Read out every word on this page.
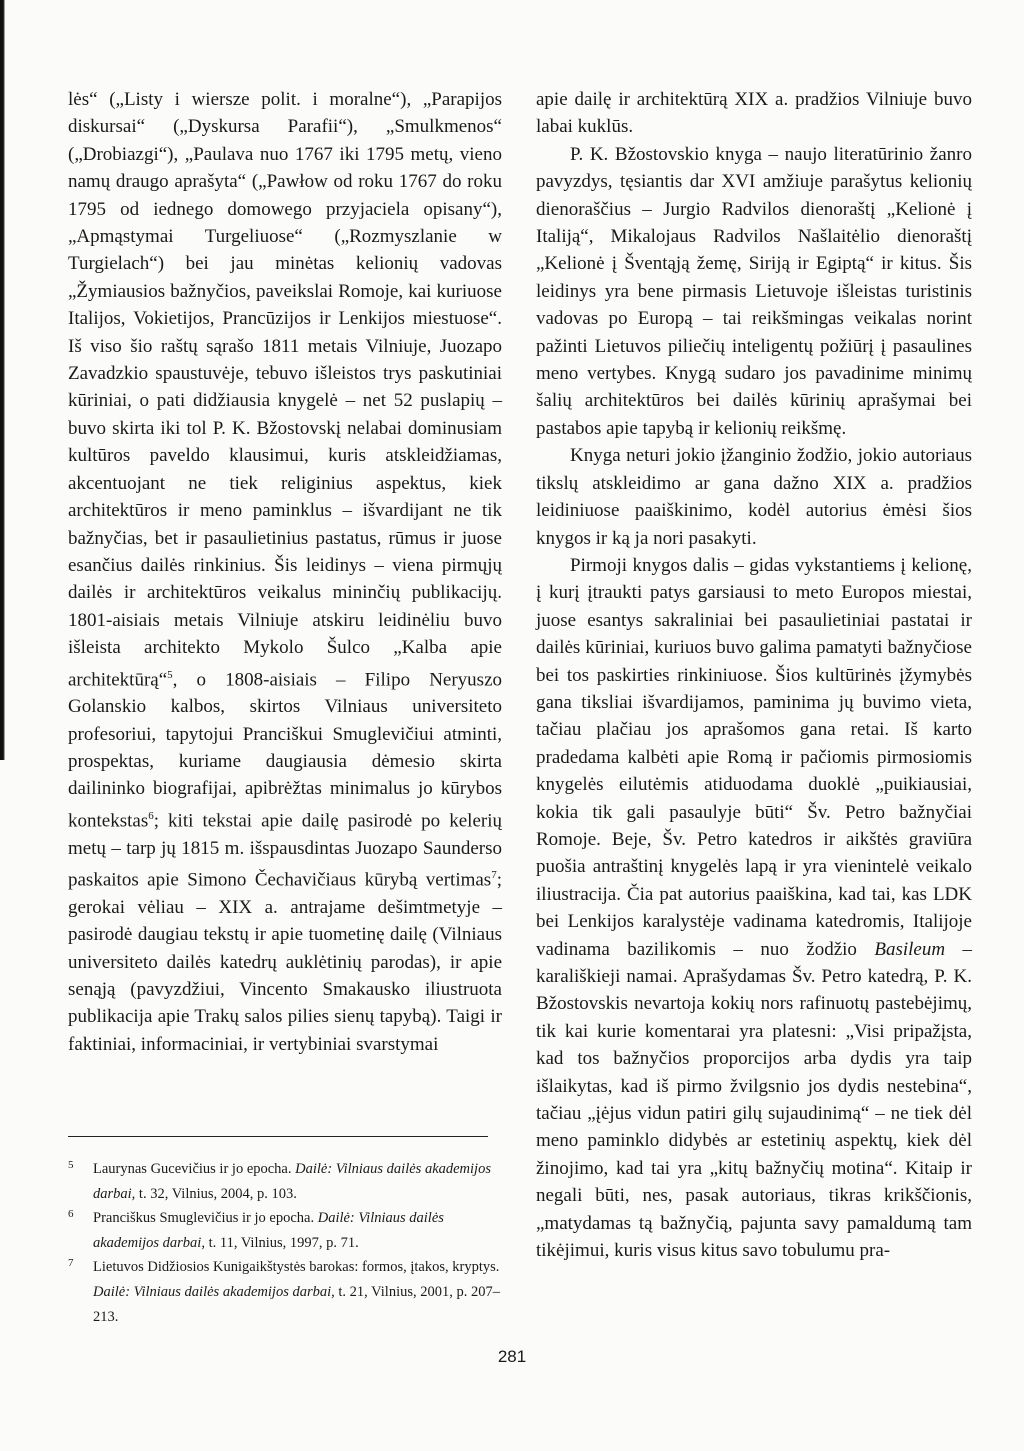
lės“ („Listy i wiersze polit. i moralne“), „Parapijos diskursai“ („Dyskursa Parafii“), „Smulkmenos“ („Drobiazgi“), „Paulava nuo 1767 iki 1795 metų, vieno namų draugo aprašyta“ („Pawłow od roku 1767 do roku 1795 od iednego domowego przyjaciela opisany“), „Apmąstymai Turgeliuose“ („Rozmyszlanie w Turgielach“) bei jau minėtas kelionių vadovas „Žymiausios bažnyčios, paveikslai Romoje, kai kuriuose Italijos, Vokietijos, Prancūzijos ir Lenkijos miestuose“. Iš viso šio raštų sąrašo 1811 metais Vilniuje, Juozapo Zavadzkio spaustuvėje, tebuvo išleistos trys paskutiniai kūriniai, o pati didžiausia knygelė – net 52 puslapių – buvo skirta iki tol P. K. Bžostovskį nelabai dominusiam kultūros paveldo klausimui, kuris atskleidžiamas, akcentuojant ne tiek religinius aspektus, kiek architektūros ir meno paminklus – išvardijant ne tik bažnyčias, bet ir pasaulietinius pastatus, rūmus ir juose esančius dailės rinkinius. Šis leidinys – viena pirmųjų dailės ir architektūros veikalus mininčių publikacijų. 1801-aisiais metais Vilniuje atskiru leidinėliu buvo išleista architekto Mykolo Šulco „Kalba apie architektūrą“$^5$, o 1808-aisiais – Filipo Neryuszo Golanskio kalbos, skirtos Vilniaus universiteto profesoriui, tapytojui Pranciškui Smuglevičiui atminti, prospektas, kuriame daugiausia dėmesio skirta dailininko biografijai, apibrėžtas minimalus jo kūrybos kontekstas$^6$; kiti tekstai apie dailę pasirodė po kelerių metų – tarp jų 1815 m. išspausdintas Juozapo Saunderso paskaitos apie Simono Čechavičiaus kūrybą vertimas$^7$; gerokai vėliau – XIX a. antrajame dešimtmetyje – pasirodė daugiau tekstų ir apie tuometinę dailę (Vilniaus universiteto dailės katedrų auklėtinių parodas), ir apie senąją (pavyzdžiui, Vincento Smakausko iliustruota publikacija apie Trakų salos pilies sienų tapybą). Taigi ir faktiniai, informaciniai, ir vertybiniai svarstymai

apie dailę ir architektūrą XIX a. pradžios Vilniuje buvo labai kuklūs.

P. K. Bžostovskio knyga – naujo literatūrinio žanro pavyzdys, tęsiantis dar XVI amžiuje parašytus kelionių dienoraščius – Jurgio Radvilos dienoraštį „Kelionė į Italiją“, Mikalojaus Radvilos Našlaitėlio dienoraštį „Kelionė į Šventąją žemę, Siriją ir Egiptą“ ir kitus. Šis leidinys yra bene pirmasis Lietuvoje išleistas turistinis vadovas po Europą – tai reikšmingas veikalas norint pažinti Lietuvos piliečių inteligentų požiūrį į pasaulines meno vertybes. Knygą sudaro jos pavadinime minimų šalių architektūros bei dailės kūrinių aprašymai bei pastabos apie tapybą ir kelionių reikšmę.

Knyga neturi jokio įžanginio žodžio, jokio autoriaus tikslų atskleidimo ar gana dažno XIX a. pradžios leidiniuose paaiškinimo, kodėl autorius ėmėsi šios knygos ir ką ja nori pasakyti.

Pirmoji knygos dalis – gidas vykstantiems į kelionę, į kurį įtraukti patys garsiausi to meto Europos miestai, juose esantys sakraliniai bei pasaulietiniai pastatai ir dailės kūriniai, kuriuos buvo galima pamatyti bažnyčiose bei tos paskirties rinkiniuose. Šios kultūrinės įžymybės gana tiksliai išvardijamos, paminima jų buvimo vieta, tačiau plačiau jos aprašomos gana retai. Iš karto pradedama kalbėti apie Romą ir pačiomis pirmosiomis knygelės eilutėmis atiduodama duoklė „puikiausiai, kokia tik gali pasaulyje būti“ Šv. Petro bažnyčiai Romoje. Beje, Šv. Petro katedros ir aikštės graviūra puošia antraštinį knygelės lapą ir yra vienintelė veikalo iliustracija. Čia pat autorius paaiškina, kad tai, kas LDK bei Lenkijos karalystėje vadinama katedromis, Italijoje vadinama bazilikomis – nuo žodžio Basileum – karališkieji namai. Aprašydamas Šv. Petro katedrą, P. K. Bžostovskis nevartoja kokių nors rafinuotų pastebėjimų, tik kai kurie komentarai yra platesni: „Visi pripažįsta, kad tos bažnyčios proporcijos arba dydis yra taip išlaikytas, kad iš pirmo žvilgsnio jos dydis nestebina“, tačiau „įėjus vidun patiri gilų sujaudinimą“ – ne tiek dėl meno paminklo didybės ar estetinių aspektų, kiek dėl žinojimo, kad tai yra „kitų bažnyčių motina“. Kitaip ir negali būti, nes, pasak autoriaus, tikras krikščionis, „matydamas tą bažnyčią, pajunta savy pamaldumą tam tikėjimui, kuris visus kitus savo tobulumu pra-

5 Laurynas Gucevičius ir jo epocha. Dailė: Vilniaus dailės akademijos darbai, t. 32, Vilnius, 2004, p. 103.
6 Pranciškus Smuglevičius ir jo epocha. Dailė: Vilniaus dailės akademijos darbai, t. 11, Vilnius, 1997, p. 71.
7 Lietuvos Didžiosios Kunigaikštystės barokas: formos, įtakos, kryptys. Dailė: Vilniaus dailės akademijos darbai, t. 21, Vilnius, 2001, p. 207–213.
281
